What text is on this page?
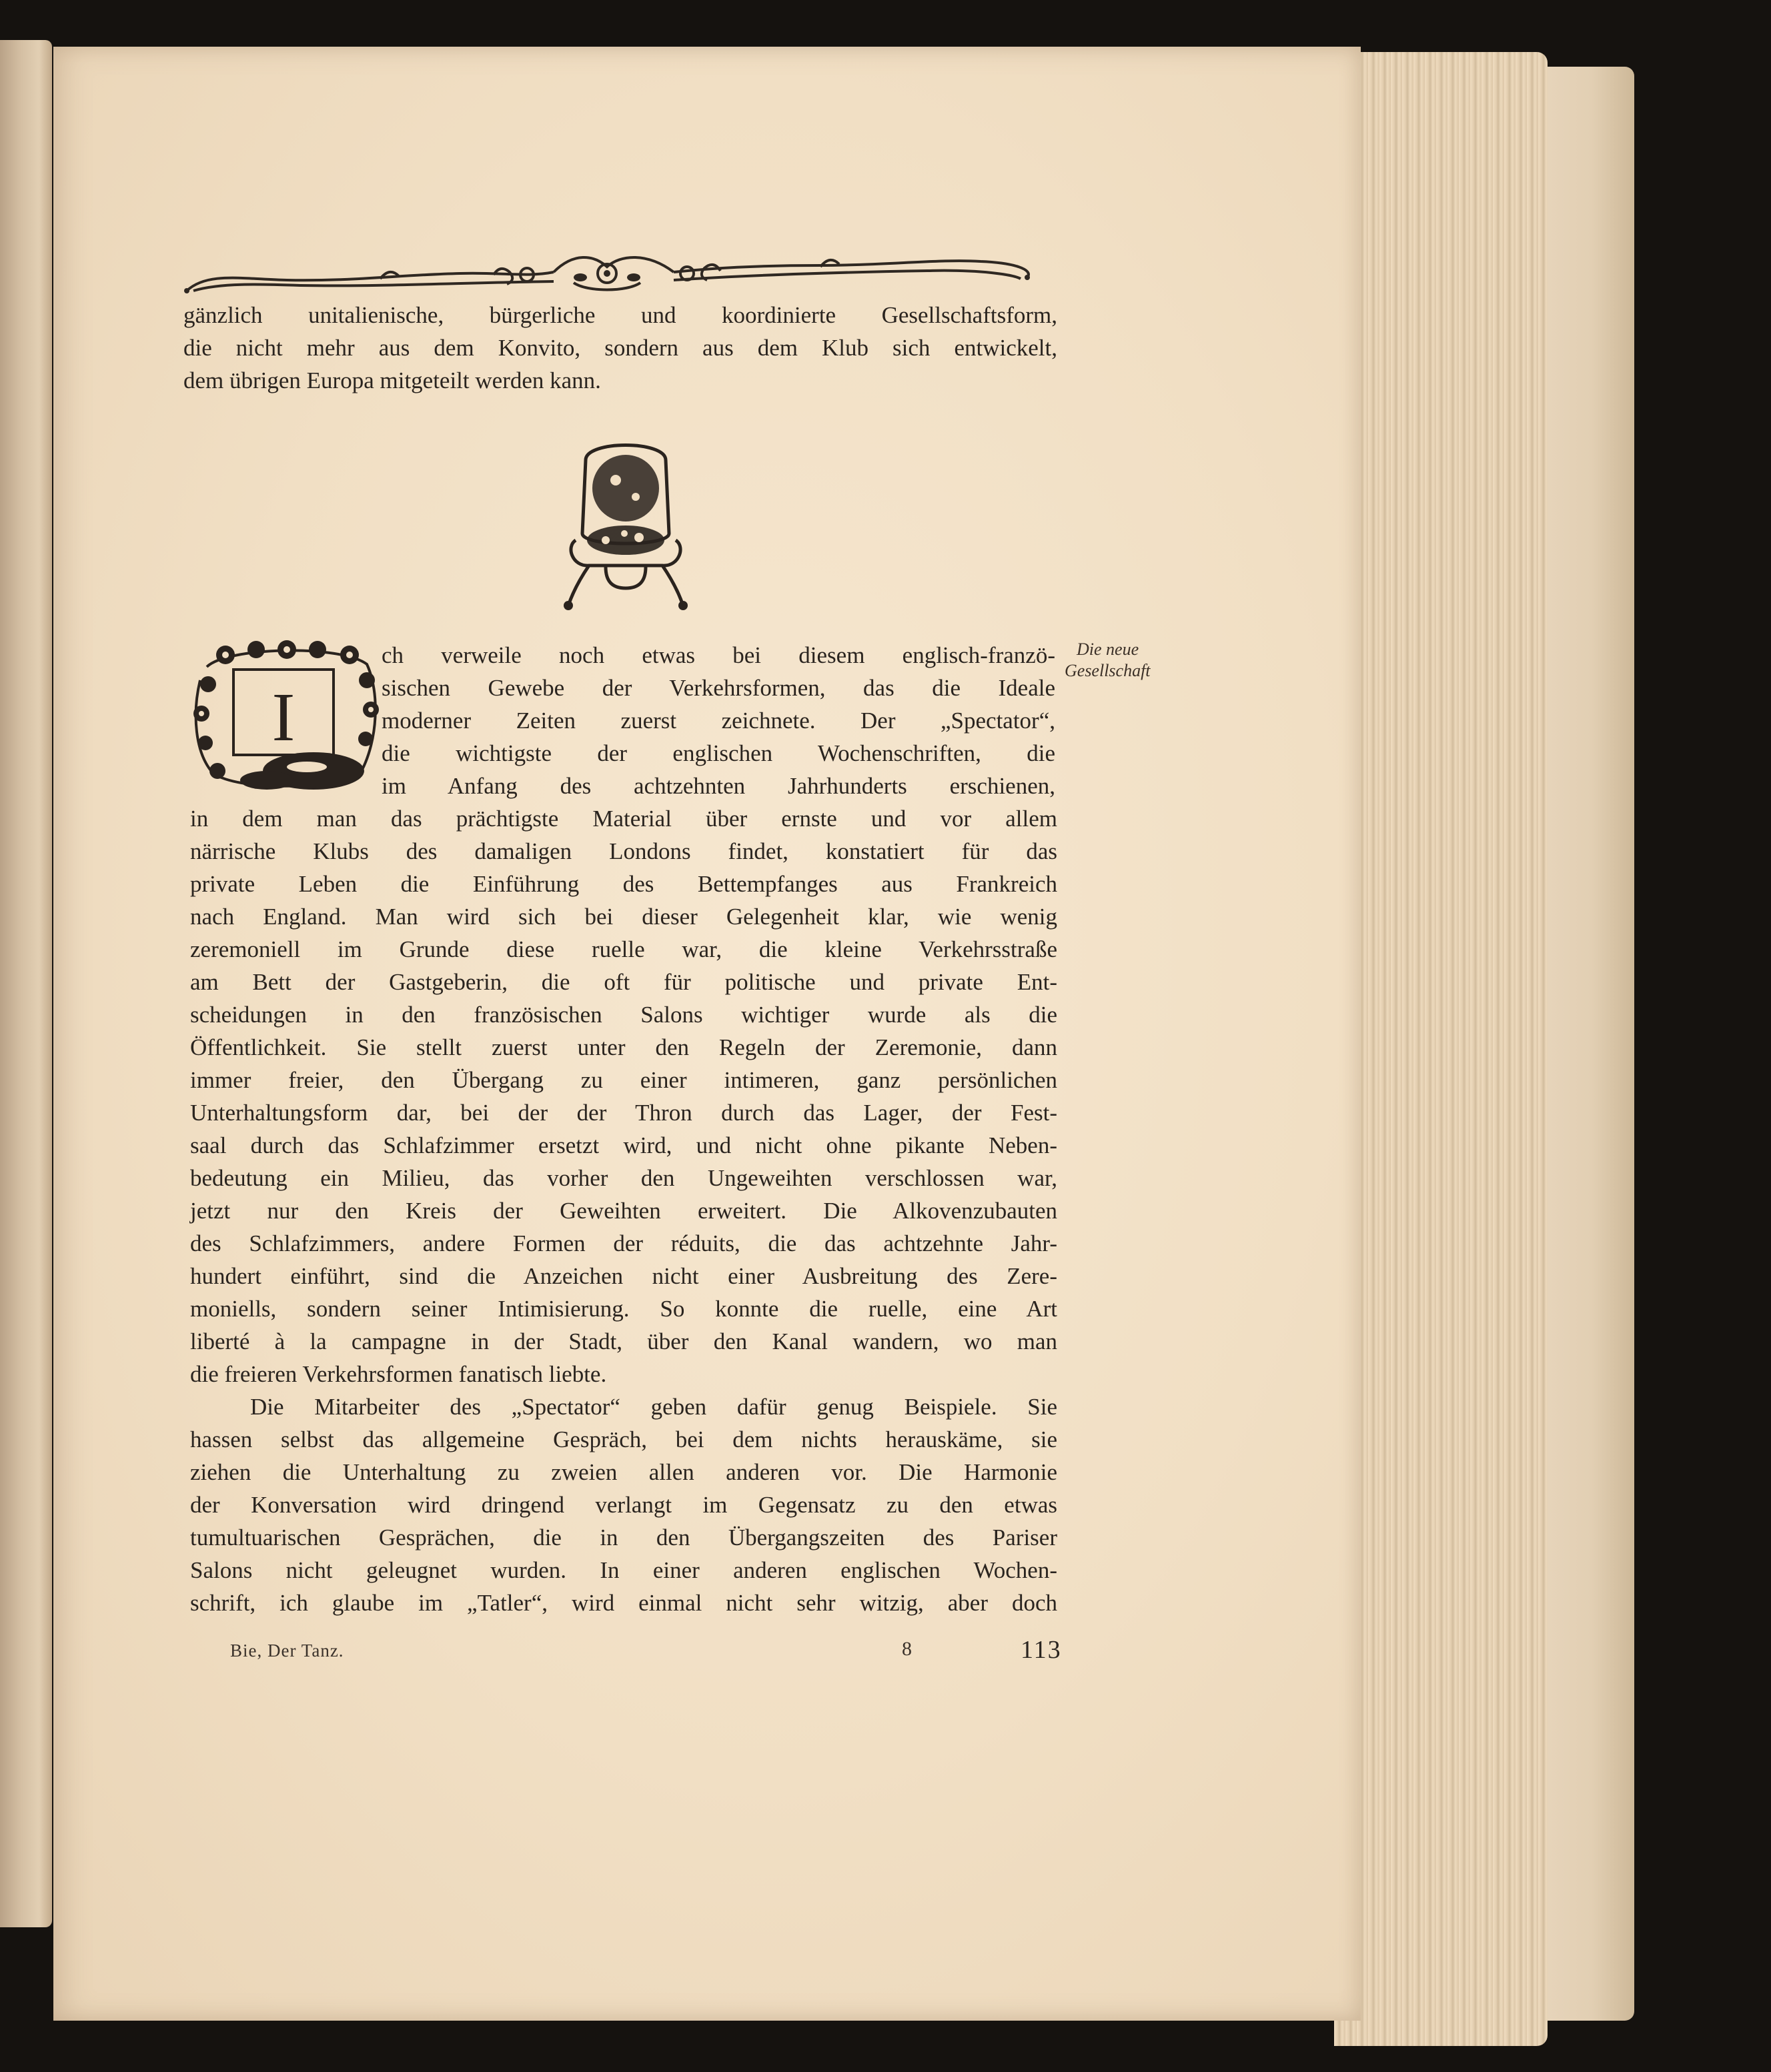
gänzlich unitalienische, bürgerliche und koordinierte Gesellschaftsform,

die nicht mehr aus dem Konvito, sondern aus dem Klub sich entwickelt,

dem übrigen Europa mitgeteilt werden kann.

I
Die neue
Gesellschaft
ch verweile noch etwas bei diesem englisch-franzö-
sischen Gewebe der Verkehrsformen, das die Ideale
moderner Zeiten zuerst zeichnete. Der „Spectator“,
die wichtigste der englischen Wochenschriften, die
im Anfang des achtzehnten Jahrhunderts erschienen,
in dem man das prächtigste Material über ernste und vor allem
närrische Klubs des damaligen Londons findet, konstatiert für das
private Leben die Einführung des Bettempfanges aus Frankreich
nach England. Man wird sich bei dieser Gelegenheit klar, wie wenig
zeremoniell im Grunde diese ruelle war, die kleine Verkehrsstraße
am Bett der Gastgeberin, die oft für politische und private Ent-
scheidungen in den französischen Salons wichtiger wurde als die
Öffentlichkeit. Sie stellt zuerst unter den Regeln der Zeremonie, dann
immer freier, den Übergang zu einer intimeren, ganz persönlichen
Unterhaltungsform dar, bei der der Thron durch das Lager, der Fest-
saal durch das Schlafzimmer ersetzt wird, und nicht ohne pikante Neben-
bedeutung ein Milieu, das vorher den Ungeweihten verschlossen war,
jetzt nur den Kreis der Geweihten erweitert. Die Alkovenzubauten
des Schlafzimmers, andere Formen der réduits, die das achtzehnte Jahr-
hundert einführt, sind die Anzeichen nicht einer Ausbreitung des Zere-
moniells, sondern seiner Intimisierung. So konnte die ruelle, eine Art
liberté à la campagne in der Stadt, über den Kanal wandern, wo man
die freieren Verkehrsformen fanatisch liebte.
Die Mitarbeiter des „Spectator“ geben dafür genug Beispiele. Sie
hassen selbst das allgemeine Gespräch, bei dem nichts herauskäme, sie
ziehen die Unterhaltung zu zweien allen anderen vor. Die Harmonie
der Konversation wird dringend verlangt im Gegensatz zu den etwas
tumultuarischen Gesprächen, die in den Übergangszeiten des Pariser
Salons nicht geleugnet wurden. In einer anderen englischen Wochen-
schrift, ich glaube im „Tatler“, wird einmal nicht sehr witzig, aber doch
Bie, Der Tanz.	8	113
